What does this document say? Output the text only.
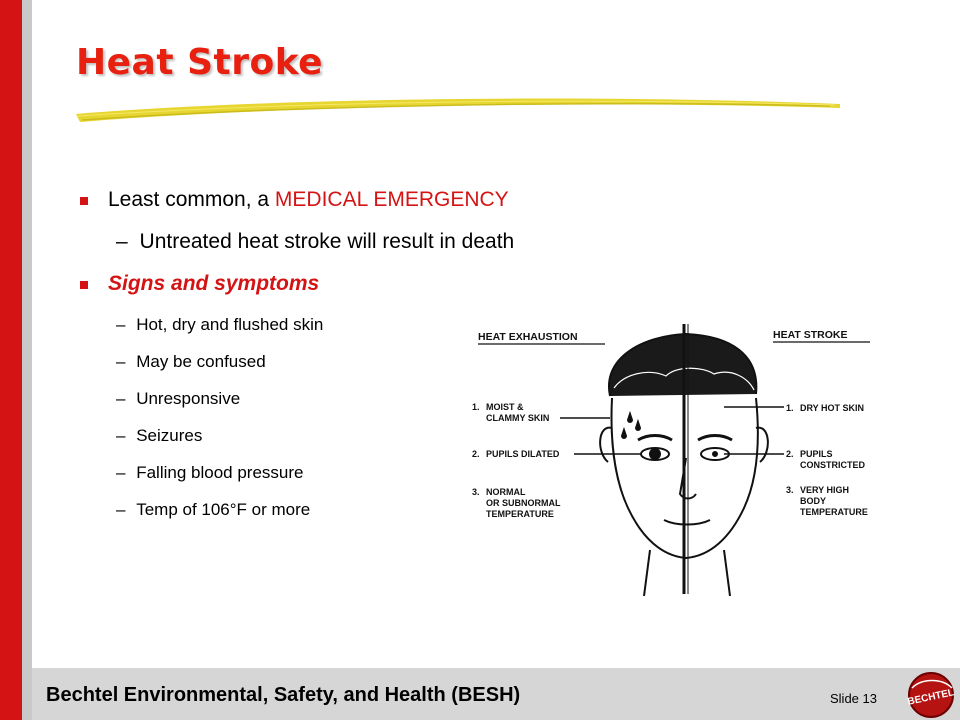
Heat Stroke
Least common, a MEDICAL EMERGENCY
– Untreated heat stroke will result in death
Signs and symptoms
– Hot, dry and flushed skin
– May be confused
– Unresponsive
– Seizures
– Falling blood pressure
– Temp of 106°F or more
HEAT EXHAUSTION	HEAT STROKE
1. MOIST &
CLAMMY SKIN
2. PUPILS DILATED
3. NORMAL
OR SUBNORMAL
TEMPERATURE
1. DRY HOT SKIN
2. PUPILS
CONSTRICTED
3. VERY HIGH
BODY
TEMPERATURE
Bechtel Environmental, Safety, and Health (BESH)	Slide 13	BECHTEL
